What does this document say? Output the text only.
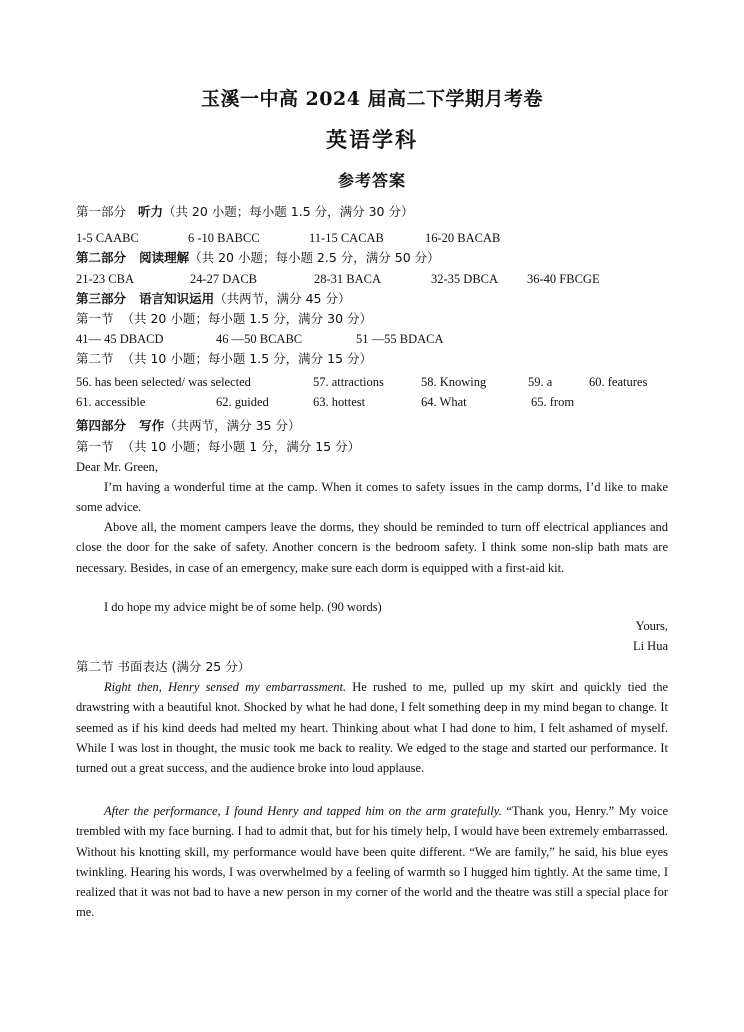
玉溪一中高 2024 届高二下学期月考卷
英语学科
参考答案
第一部分 听力（共 20 小题；每小题 1.5 分，满分 30 分）
1-5 CAABC	6 -10 BABCC	11-15 CACAB	16-20 BACAB
第二部分 阅读理解（共 20 小题；每小题 2.5 分，满分 50 分）
21-23 CBA	24-27 DACB	28-31 BACA	32-35 DBCA 36-40 FBCGE
第三部分 语言知识运用（共两节，满分 45 分）
第一节 （共 20 小题；每小题 1.5 分，满分 30 分）
41— 45 DBACD	46 —50 BCABC	51 —55 BDACA
第二节 （共 10 小题；每小题 1.5 分，满分 15 分）
56. has been selected/ was selected	57. attractions	58. Knowing	59. a	60. features
61. accessible	62. guided	63. hottest	64. What	65. from
第四部分 写作（共两节，满分 35 分）
第一节 （共 10 小题；每小题 1 分，满分 15 分）
Dear Mr. Green,
I’m having a wonderful time at the camp. When it comes to safety issues in the camp dorms, I’d like to make some advice.
Above all, the moment campers leave the dorms, they should be reminded to turn off electrical appliances and close the door for the sake of safety. Another concern is the bedroom safety. I think some non-slip bath mats are necessary. Besides, in case of an emergency, make sure each dorm is equipped with a first-aid kit.
I do hope my advice might be of some help. (90 words)
Yours,
Li Hua
第二节 书面表达 (满分 25 分）
Right then, Henry sensed my embarrassment. He rushed to me, pulled up my skirt and quickly tied the drawstring with a beautiful knot. Shocked by what he had done, I felt something deep in my mind began to change. It seemed as if his kind deeds had melted my heart. Thinking about what I had done to him, I felt ashamed of myself. While I was lost in thought, the music took me back to reality. We edged to the stage and started our performance. It turned out a great success, and the audience broke into loud applause.
After the performance, I found Henry and tapped him on the arm gratefully. “Thank you, Henry.” My voice trembled with my face burning. I had to admit that, but for his timely help, I would have been extremely embarrassed. Without his knotting skill, my performance would have been quite different. “We are family,” he said, his blue eyes twinkling. Hearing his words, I was overwhelmed by a feeling of warmth so I hugged him tightly. At the same time, I realized that it was not bad to have a new person in my corner of the world and the theatre was still a special place for me.
